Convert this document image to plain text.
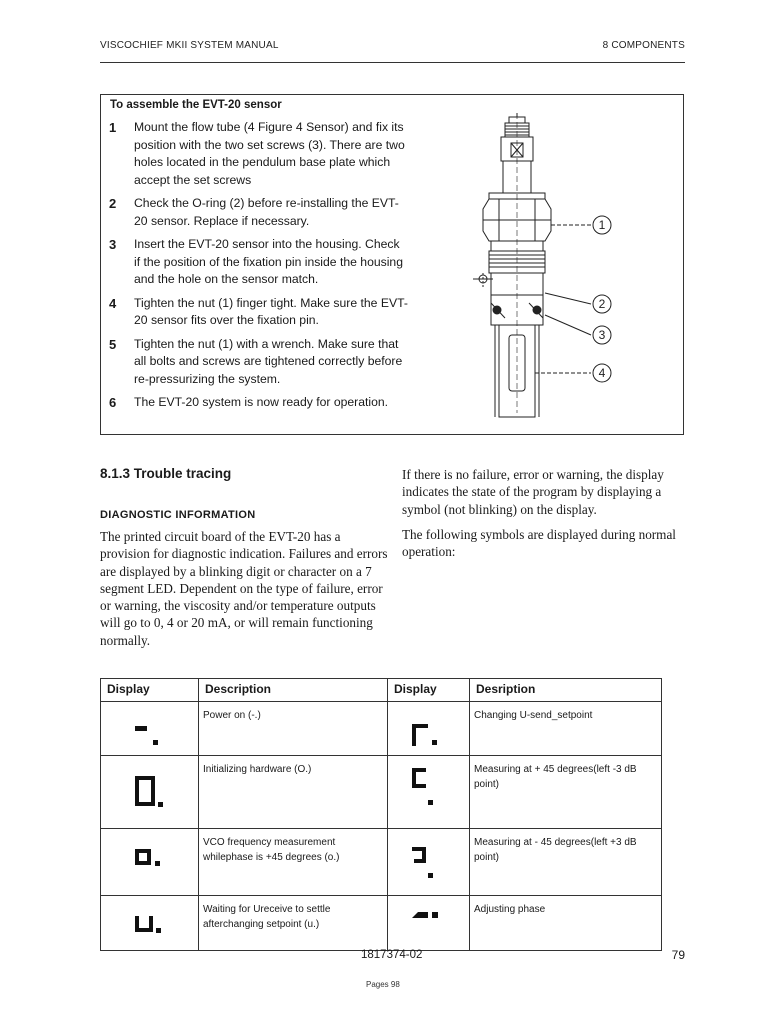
VISCOCHIEF MKII SYSTEM MANUAL	8 COMPONENTS
To assemble the EVT-20 sensor
1	Mount the flow tube (4 Figure 4 Sensor) and fix its position with the two set screws (3). There are two holes located in the pendulum base plate which accept the set screws
2	Check the O-ring (2) before re-installing the EVT-20 sensor. Replace if necessary.
3	Insert the EVT-20 sensor into the housing. Check if the position of the fixation pin inside the housing and the hole on the sensor match.
4	Tighten the nut (1) finger tight. Make sure the EVT-20 sensor fits over the fixation pin.
5	Tighten the nut (1) with a wrench. Make sure that all bolts and screws are tightened correctly before re-pressurizing the system.
6	The EVT-20 system is now ready for operation.
1
2
3
4
8.1.3 Trouble tracing
DIAGNOSTIC INFORMATION

The printed circuit board of the EVT-20 has a provision for diagnostic indication. Failures and errors are displayed by a blinking digit or character on a 7 segment LED. Dependent on the type of failure, error or warning, the viscosity and/or temperature outputs will go to 0, 4 or 20 mA, or will remain functioning normally.

If there is no failure, error or warning, the display indicates the state of the program by displaying a symbol (not blinking) on the display.

The following symbols are displayed during normal operation:

Display	Description	Display	Desription

	Power on (-.)		Changing U-send_setpoint

	Initializing hardware (O.)		Measuring at + 45 degrees(left -3 dB point)

	VCO frequency measurement whilephase is +45 degrees (o.)		Measuring at - 45 degrees(left +3 dB point)

	Waiting for Ureceive to settle afterchanging setpoint (u.)		Adjusting phase
1817374-02	79
Pages 98
